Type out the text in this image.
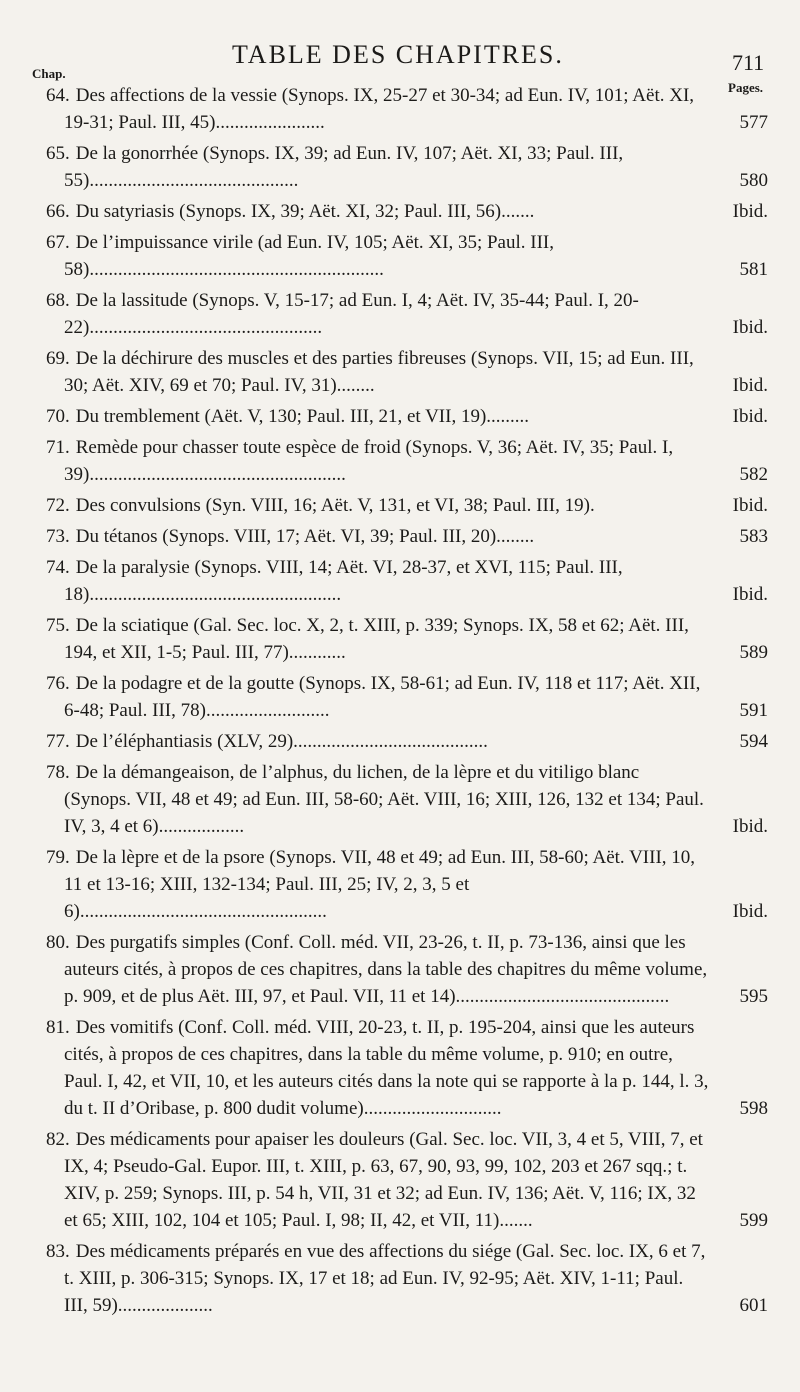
TABLE DES CHAPITRES.	711
Chap.
Pages.
64. Des affections de la vessie (Synops. IX, 25-27 et 30-34; ad Eun. IV, 101; Aët. XI, 19-31; Paul. III, 45).......................	577
65. De la gonorrhée (Synops. IX, 39; ad Eun. IV, 107; Aët. XI, 33; Paul. III, 55)............................................	580
66. Du satyriasis (Synops. IX, 39; Aët. XI, 32; Paul. III, 56).......	Ibid.
67. De l’impuissance virile (ad Eun. IV, 105; Aët. XI, 35; Paul. III, 58)..............................................................	581
68. De la lassitude (Synops. V, 15-17; ad Eun. I, 4; Aët. IV, 35-44; Paul. I, 20-22).................................................	Ibid.
69. De la déchirure des muscles et des parties fibreuses (Synops. VII, 15; ad Eun. III, 30; Aët. XIV, 69 et 70; Paul. IV, 31)........	Ibid.
70. Du tremblement (Aët. V, 130; Paul. III, 21, et VII, 19).........	Ibid.
71. Remède pour chasser toute espèce de froid (Synops. V, 36; Aët. IV, 35; Paul. I, 39)......................................................	582
72. Des convulsions (Syn. VIII, 16; Aët. V, 131, et VI, 38; Paul. III, 19).	Ibid.
73. Du tétanos (Synops. VIII, 17; Aët. VI, 39; Paul. III, 20)........	583
74. De la paralysie (Synops. VIII, 14; Aët. VI, 28-37, et XVI, 115; Paul. III, 18).....................................................	Ibid.
75. De la sciatique (Gal. Sec. loc. X, 2, t. XIII, p. 339; Synops. IX, 58 et 62; Aët. III, 194, et XII, 1-5; Paul. III, 77)............	589
76. De la podagre et de la goutte (Synops. IX, 58-61; ad Eun. IV, 118 et 117; Aët. XII, 6-48; Paul. III, 78)..........................	591
77. De l’éléphantiasis (XLV, 29).........................................	594
78. De la démangeaison, de l’alphus, du lichen, de la lèpre et du vitiligo blanc (Synops. VII, 48 et 49; ad Eun. III, 58-60; Aët. VIII, 16; XIII, 126, 132 et 134; Paul. IV, 3, 4 et 6)..................	Ibid.
79. De la lèpre et de la psore (Synops. VII, 48 et 49; ad Eun. III, 58-60; Aët. VIII, 10, 11 et 13-16; XIII, 132-134; Paul. III, 25; IV, 2, 3, 5 et 6)....................................................	Ibid.
80. Des purgatifs simples (Conf. Coll. méd. VII, 23-26, t. II, p. 73-136, ainsi que les auteurs cités, à propos de ces chapitres, dans la table des chapitres du même volume, p. 909, et de plus Aët. III, 97, et Paul. VII, 11 et 14).............................................	595
81. Des vomitifs (Conf. Coll. méd. VIII, 20-23, t. II, p. 195-204, ainsi que les auteurs cités, à propos de ces chapitres, dans la table du même volume, p. 910; en outre, Paul. I, 42, et VII, 10, et les auteurs cités dans la note qui se rapporte à la p. 144, l. 3, du t. II d’Oribase, p. 800 dudit volume).............................	598
82. Des médicaments pour apaiser les douleurs (Gal. Sec. loc. VII, 3, 4 et 5, VIII, 7, et IX, 4; Pseudo-Gal. Eupor. III, t. XIII, p. 63, 67, 90, 93, 99, 102, 203 et 267 sqq.; t. XIV, p. 259; Synops. III, p. 54 h, VII, 31 et 32; ad Eun. IV, 136; Aët. V, 116; IX, 32 et 65; XIII, 102, 104 et 105; Paul. I, 98; II, 42, et VII, 11).......	599
83. Des médicaments préparés en vue des affections du siége (Gal. Sec. loc. IX, 6 et 7, t. XIII, p. 306-315; Synops. IX, 17 et 18; ad Eun. IV, 92-95; Aët. XIV, 1-11; Paul. III, 59)....................	601
